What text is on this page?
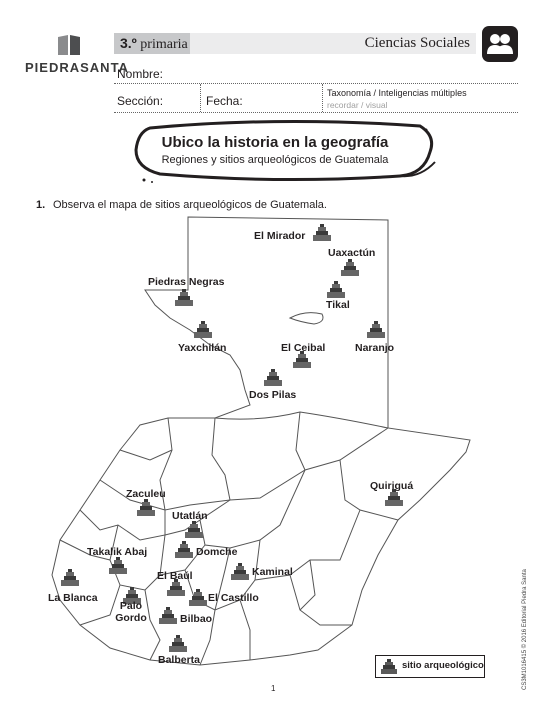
PIEDRASANTA
3.º primaria	Ciencias Sociales
Nombre:
Sección:	Fecha:
Taxonomía / Inteligencias múltiples
recordar / visual
Ubico la historia en la geografía
Regiones y sitios arqueológicos de Guatemala
1. Observa el mapa de sitios arqueológicos de Guatemala.
El Mirador
Uaxactún
Tikal
Piedras Negras
Yaxchilán	El Ceibal	Naranjo
Dos Pilas
Zaculeu
Quiriguá
Utatlán
Takalik Abaj	Domche
La Blanca
El Baúl	Kaminal
Palo Gordo
El Castillo
Bilbao
Balberta	sitio arqueológico
1	CS3M1016415 © 2016 Editorial Piedra Santa
